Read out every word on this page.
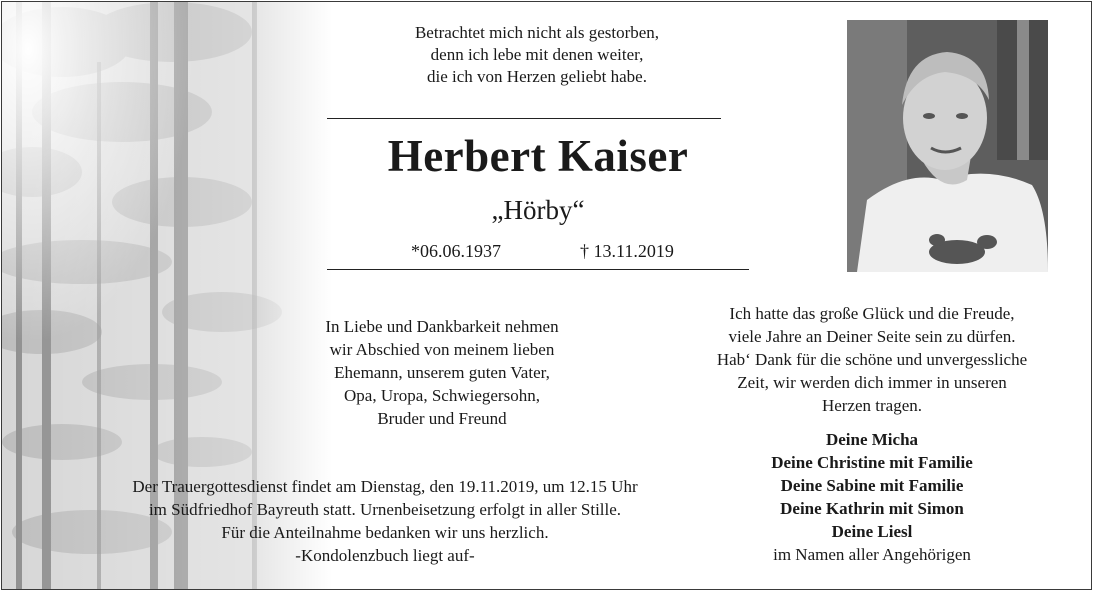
Betrachtet mich nicht als gestorben,
denn ich lebe mit denen weiter,
die ich von Herzen geliebt habe.
Herbert Kaiser
„Hörby“
*06.06.1937	† 13.11.2019
In Liebe und Dankbarkeit nehmen
wir Abschied von meinem lieben
Ehemann, unserem guten Vater,
Opa, Uropa, Schwiegersohn,
Bruder und Freund
Der Trauergottesdienst findet am Dienstag, den 19.11.2019, um 12.15 Uhr
im Südfriedhof Bayreuth statt. Urnenbeisetzung erfolgt in aller Stille.
Für die Anteilnahme bedanken wir uns herzlich.
-Kondolenzbuch liegt auf-
Ich hatte das große Glück und die Freude,
viele Jahre an Deiner Seite sein zu dürfen.
Hab‘ Dank für die schöne und unvergessliche
Zeit, wir werden dich immer in unseren
Herzen tragen.
Deine Micha
Deine Christine mit Familie
Deine Sabine mit Familie
Deine Kathrin mit Simon
Deine Liesl
im Namen aller Angehörigen
